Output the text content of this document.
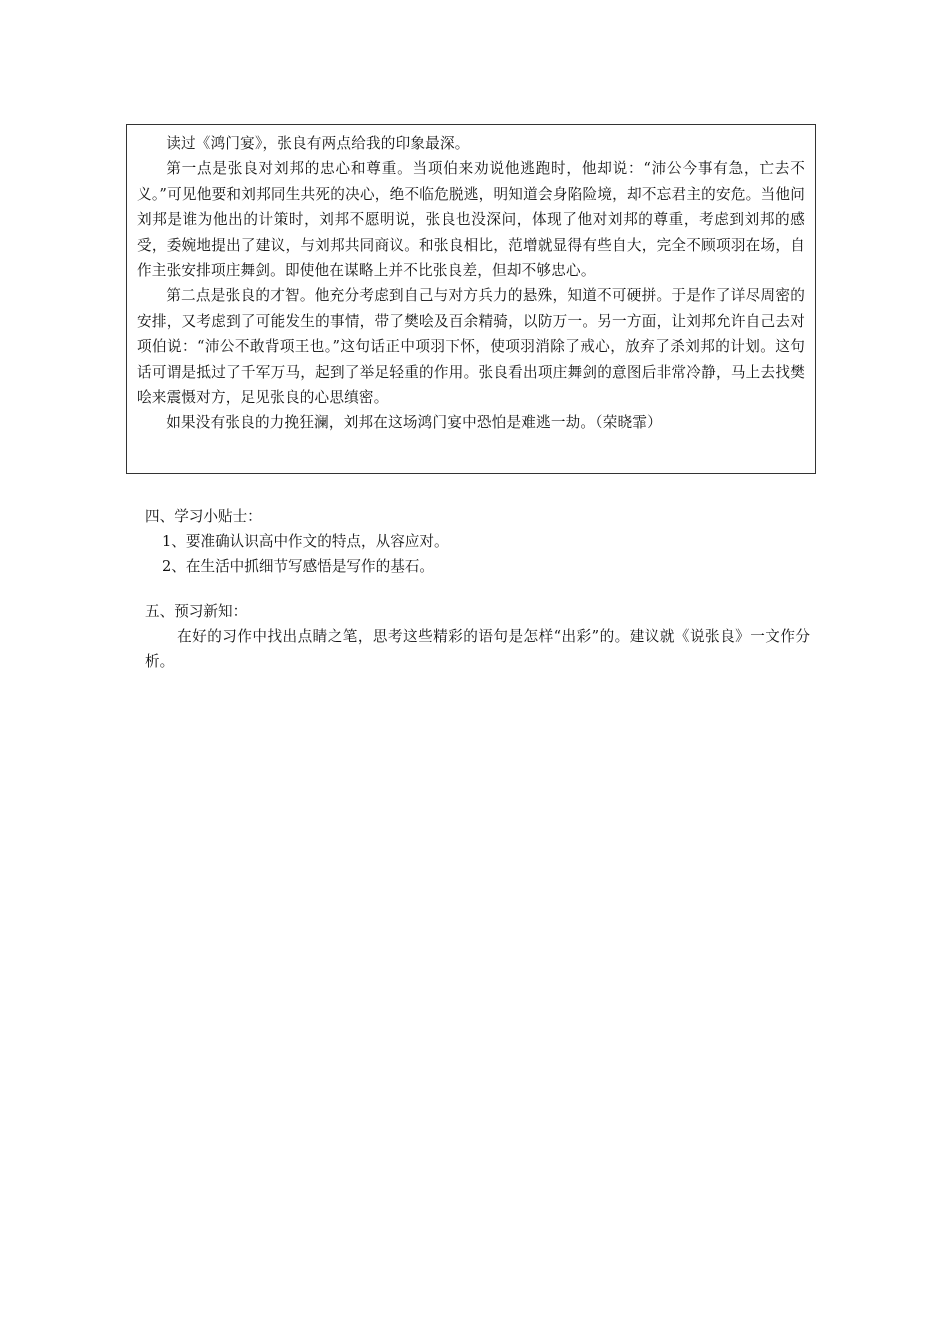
读过《鸿门宴》，张良有两点给我的印象最深。

第一点是张良对刘邦的忠心和尊重。当项伯来劝说他逃跑时，他却说：“沛公今事有急，亡去不义。”可见他要和刘邦同生共死的决心，绝不临危脱逃，明知道会身陷险境，却不忘君主的安危。当他问刘邦是谁为他出的计策时，刘邦不愿明说，张良也没深问，体现了他对刘邦的尊重，考虑到刘邦的感受，委婉地提出了建议，与刘邦共同商议。和张良相比，范增就显得有些自大，完全不顾项羽在场，自作主张安排项庄舞剑。即使他在谋略上并不比张良差，但却不够忠心。

第二点是张良的才智。他充分考虑到自己与对方兵力的悬殊，知道不可硬拼。于是作了详尽周密的安排，又考虑到了可能发生的事情，带了樊哙及百余精骑，以防万一。另一方面，让刘邦允许自己去对项伯说：“沛公不敢背项王也。”这句话正中项羽下怀，使项羽消除了戒心，放弃了杀刘邦的计划。这句话可谓是抵过了千军万马，起到了举足轻重的作用。张良看出项庄舞剑的意图后非常冷静，马上去找樊哙来震慑对方，足见张良的心思缜密。

如果没有张良的力挽狂澜，刘邦在这场鸿门宴中恐怕是难逃一劫。（荣晓霏）

四、学习小贴士：

1、要准确认识高中作文的特点，从容应对。

2、在生活中抓细节写感悟是写作的基石。

五、预习新知：

在好的习作中找出点睛之笔，思考这些精彩的语句是怎样“出彩”的。建议就《说张良》一文作分析。
